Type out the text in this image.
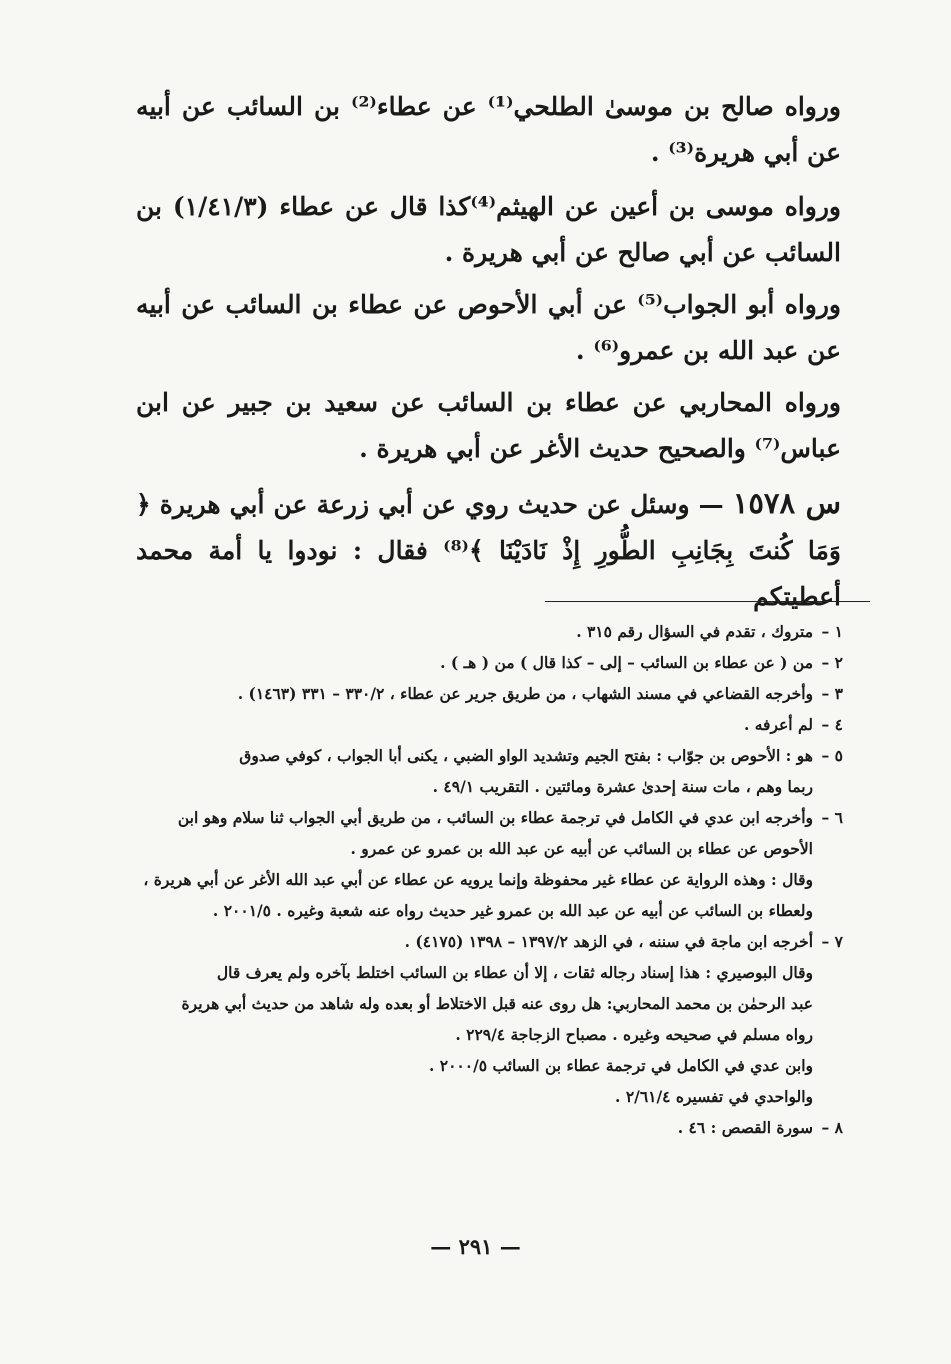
ورواه صالح بن موسىٰ الطلحي⁽¹⁾ عن عطاء⁽²⁾ بن السائب عن أبيه عن أبي هريرة⁽³⁾ .
ورواه موسى بن أعين عن الهيثم⁽⁴⁾كذا قال عن عطاء (١/٤١/٣) بن السائب عن أبي صالح عن أبي هريرة .
ورواه أبو الجواب⁽⁵⁾ عن أبي الأحوص عن عطاء بن السائب عن أبيه عن عبد الله بن عمرو⁽⁶⁾ .
ورواه المحاربي عن عطاء بن السائب عن سعيد بن جبير عن ابن عباس⁽⁷⁾ والصحيح حديث الأغر عن أبي هريرة .
س ١٥٧٨ — وسئل عن حديث روي عن أبي زرعة عن أبي هريرة ﴿ وَمَا كُنتَ بِجَانِبِ الطُّورِ إِذْ نَادَيْنَا ﴾⁽⁸⁾ فقال : نودوا يا أمة محمد أعطيتكم
١ –متروك ، تقدم في السؤال رقم ٣١٥ .
٢ –من ( عن عطاء بن السائب – إلى – كذا قال ) من ( هـ ) .
٣ –وأخرجه القضاعي في مسند الشهاب ، من طريق جرير عن عطاء ، ٣٣٠/٢ – ٣٣١ (١٤٦٣) .
٤ –لم أعرفه .
٥ –هو : الأحوص بن جوّاب : بفتح الجيم وتشديد الواو الضبي ، يكنى أبا الجواب ، كوفي صدوق
ربما وهم ، مات سنة إحدىٰ عشرة ومائتين . التقريب ٤٩/١ .
٦ –وأخرجه ابن عدي في الكامل في ترجمة عطاء بن السائب ، من طريق أبي الجواب ثنا سلام وهو ابن
الأحوص عن عطاء بن السائب عن أبيه عن عبد الله بن عمرو عن عمرو .
وقال : وهذه الرواية عن عطاء غير محفوظة وإنما يرويه عن عطاء عن أبي عبد الله الأغر عن أبي هريرة ،
ولعطاء بن السائب عن أبيه عن عبد الله بن عمرو غير حديث رواه عنه شعبة وغيره . ٢٠٠١/٥ .
٧ –أخرجه ابن ماجة في سننه ، في الزهد ١٣٩٧/٢ – ١٣٩٨ (٤١٧٥) .
وقال البوصيري : هذا إسناد رجاله ثقات ، إلا أن عطاء بن السائب اختلط بآخره ولم يعرف قال
عبد الرحمٰن بن محمد المحاربي: هل روى عنه قبل الاختلاط أو بعده وله شاهد من حديث أبي هريرة
رواه مسلم في صحيحه وغيره . مصباح الزجاجة ٢٢٩/٤ .
وابن عدي في الكامل في ترجمة عطاء بن السائب ٢٠٠٠/٥ .
والواحدي في تفسيره ٢/٦١/٤ .
٨ –سورة القصص : ٤٦ .
— ٢٩١ —
